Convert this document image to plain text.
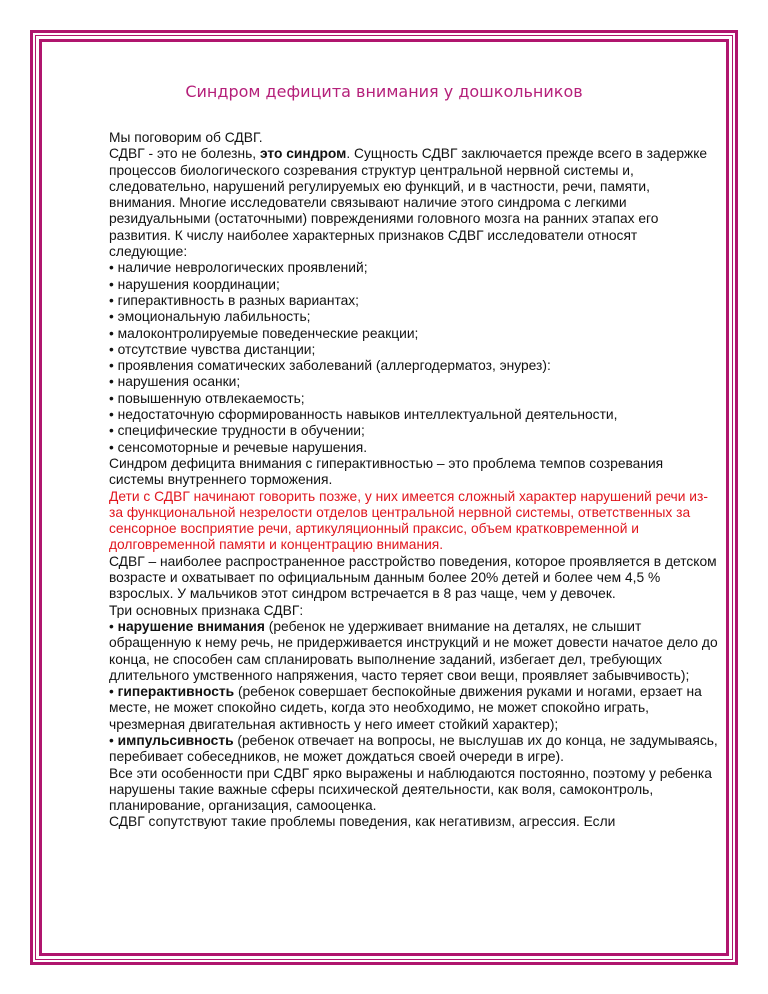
Синдром дефицита внимания у дошкольников

Мы поговорим об СДВГ.

СДВГ - это не болезнь, это синдром. Сущность СДВГ заключается прежде всего в задержке процессов биологического созревания структур центральной нервной системы и, следовательно, нарушений регулируемых ею функций, и в частности, речи, памяти, внимания. Многие исследователи связывают наличие этого синдрома с легкими резидуальными (остаточными) повреждениями головного мозга на ранних этапах его развития. К числу наиболее характерных признаков СДВГ исследователи относят следующие:

• наличие неврологических проявлений;

• нарушения координации;

• гиперактивность в разных вариантах;

• эмоциональную лабильность;

• малоконтролируемые поведенческие реакции;

• отсутствие чувства дистанции;

• проявления соматических заболеваний (аллергодерматоз, энурез):

• нарушения осанки;

• повышенную отвлекаемость;

• недостаточную сформированность навыков интеллектуальной деятельности,

• специфические трудности в обучении;

• сенсомоторные и речевые нарушения.

Синдром дефицита внимания с гиперактивностью – это проблема темпов созревания системы внутреннего торможения.

Дети с СДВГ начинают говорить позже, у них имеется сложный характер нарушений речи из-за функциональной незрелости отделов центральной нервной системы, ответственных за сенсорное восприятие речи, артикуляционный праксис, объем кратковременной и долговременной памяти и концентрацию внимания.

СДВГ – наиболее распространенное расстройство поведения, которое проявляется в детском возрасте и охватывает по официальным данным более 20% детей и более чем 4,5 % взрослых. У мальчиков этот синдром встречается в 8 раз чаще, чем у девочек.

Три основных признака СДВГ:

• нарушение внимания (ребенок не удерживает внимание на деталях, не слышит обращенную к нему речь, не придерживается инструкций и не может довести начатое дело до конца, не способен сам спланировать выполнение заданий, избегает дел, требующих длительного умственного напряжения, часто теряет свои вещи, проявляет забывчивость);

• гиперактивность (ребенок совершает беспокойные движения руками и ногами, ерзает на месте, не может спокойно сидеть, когда это необходимо, не может спокойно играть, чрезмерная двигательная активность у него имеет стойкий характер);

• импульсивность (ребенок отвечает на вопросы, не выслушав их до конца, не задумываясь, перебивает собеседников, не может дождаться своей очереди в игре).

Все эти особенности при СДВГ ярко выражены и наблюдаются постоянно, поэтому у ребенка нарушены такие важные сферы психической деятельности, как воля, самоконтроль, планирование, организация, самооценка.

СДВГ сопутствуют такие проблемы поведения, как негативизм, агрессия. Если
